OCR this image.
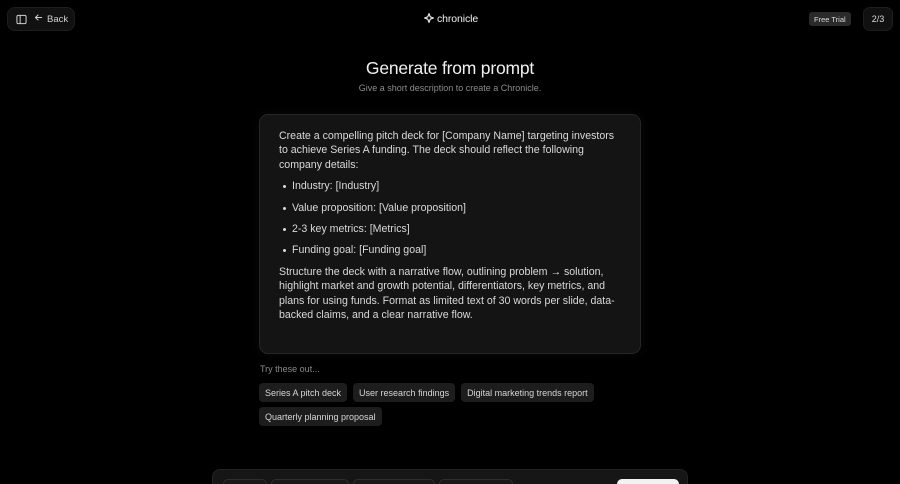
Back	chronicle	Free Trial	2/3
Generate from prompt
Give a short description to create a Chronicle.

Create a compelling pitch deck for [Company Name] targeting investors to achieve Series A funding. The deck should reflect the following company details:

Industry: [Industry]
Value proposition: [Value proposition]
2-3 key metrics: [Metrics]
Funding goal: [Funding goal]

Structure the deck with a narrative flow, outlining problem → solution, highlight market and growth potential, differentiators, key metrics, and plans for using funds. Format as limited text of 30 words per slide, data-backed claims, and a clear narrative flow.

Try these out...
Series A pitch deck	User research findings	Digital marketing trends report
Quarterly planning proposal
